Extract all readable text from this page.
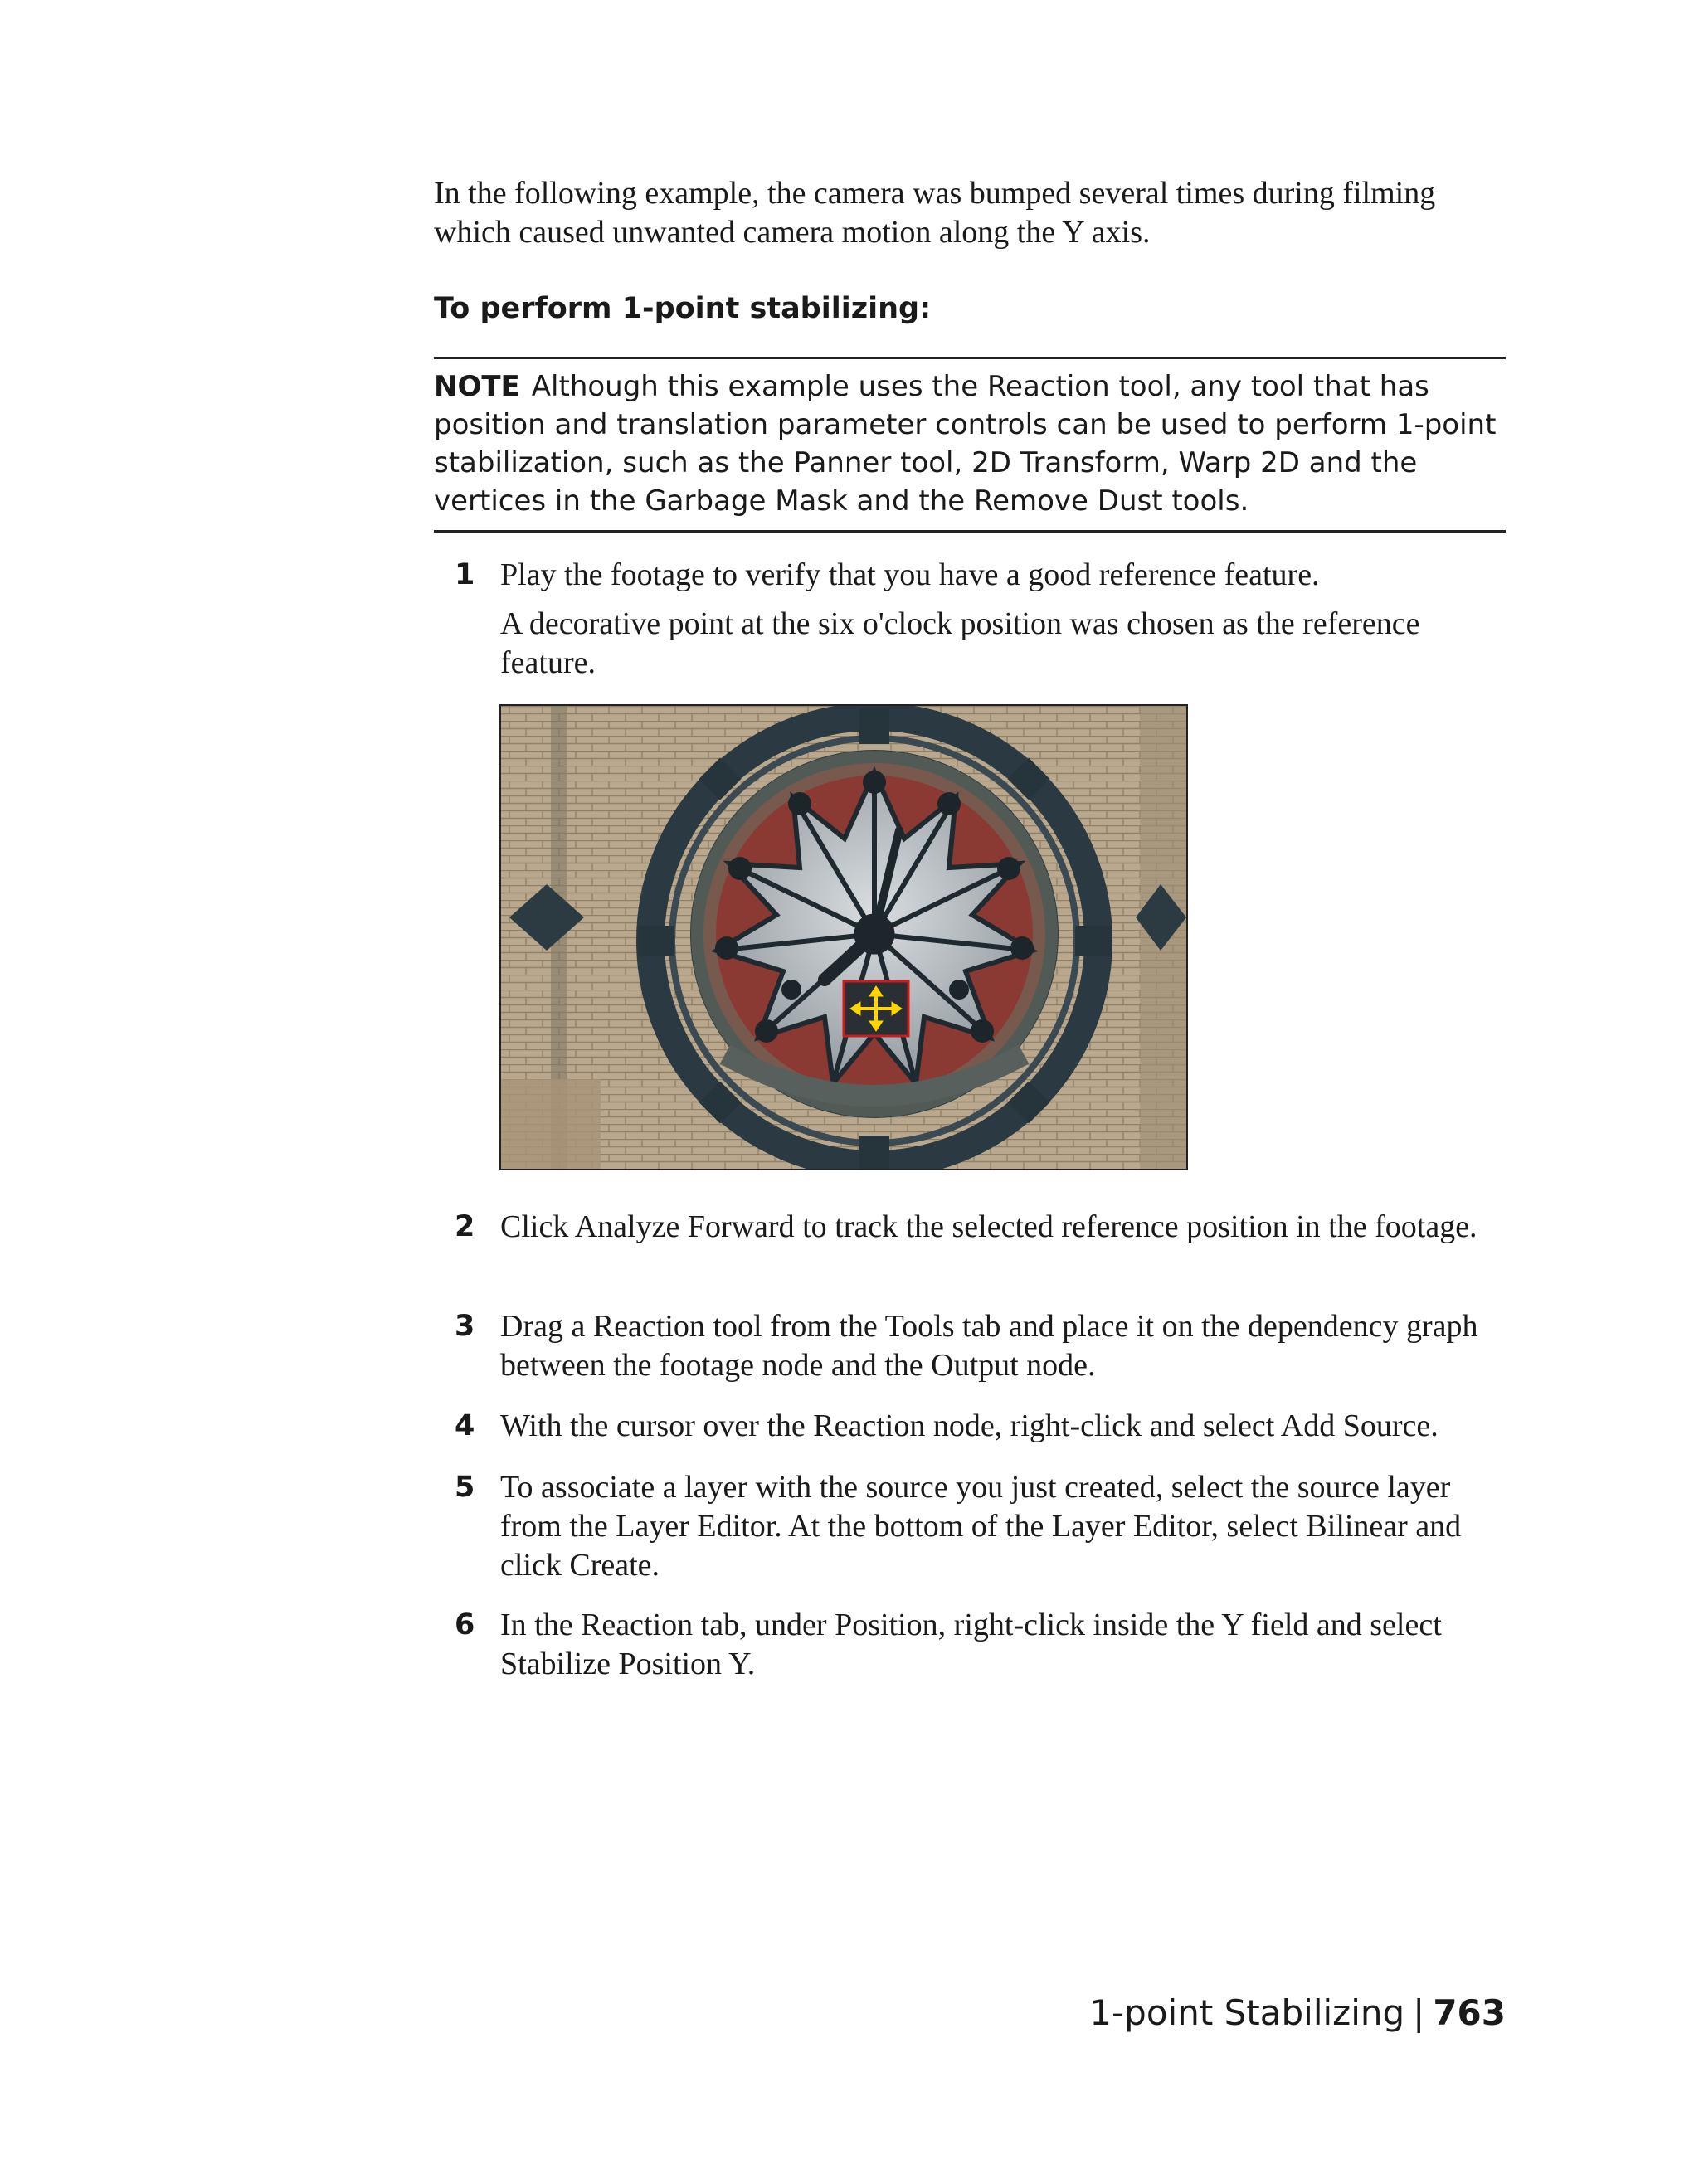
In the following example, the camera was bumped several times during filming which caused unwanted camera motion along the Y axis.

To perform 1-point stabilizing:

NOTE Although this example uses the Reaction tool, any tool that has position and translation parameter controls can be used to perform 1-point stabilization, such as the Panner tool, 2D Transform, Warp 2D and the vertices in the Garbage Mask and the Remove Dust tools.

1 Play the footage to verify that you have a good reference feature.
A decorative point at the six o'clock position was chosen as the reference feature.
2 Click Analyze Forward to track the selected reference position in the footage.
3 Drag a Reaction tool from the Tools tab and place it on the dependency graph between the footage node and the Output node.
4 With the cursor over the Reaction node, right-click and select Add Source.
5 To associate a layer with the source you just created, select the source layer from the Layer Editor. At the bottom of the Layer Editor, select Bilinear and click Create.
6 In the Reaction tab, under Position, right-click inside the Y field and select Stabilize Position Y.
1-point Stabilizing | 763
